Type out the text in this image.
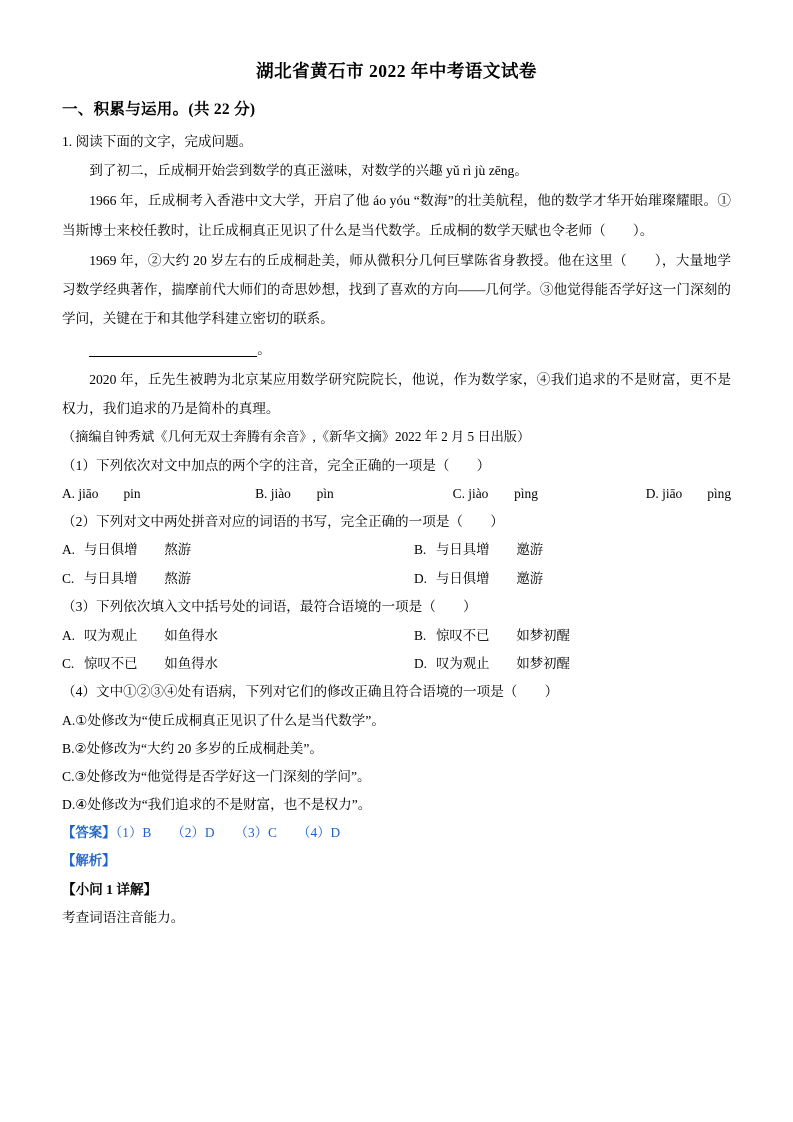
湖北省黄石市 2022 年中考语文试卷

一、积累与运用。(共 22 分)

1. 阅读下面的文字，完成问题。

到了初二，丘成桐开始尝到数学的真正滋味，对数学的兴趣 yǔ rì jù zēng。

1966 年，丘成桐考入香港中文大学，开启了他 áo yóu “数海”的壮美航程，他的数学才华开始璀璨耀眼。①当斯博士来校任教时，让丘成桐真正见识了什么是当代数学。丘成桐的数学天赋也令老师（　　）。

1969 年，②大约 20 岁左右的丘成桐赴美，师从微积分几何巨擘陈省身教授。他在这里（　　），大量地学习数学经典著作，揣摩前代大师们的奇思妙想，找到了喜欢的方向——几何学。③他觉得能否学好这一门深刻的学问，关键在于和其他学科建立密切的联系。

。

2020 年，丘先生被聘为北京某应用数学研究院院长，他说，作为数学家，④我们追求的不是财富，更不是权力，我们追求的乃是简朴的真理。

（摘编自钟秀斌《几何无双士奔腾有余音》,《新华文摘》2022 年 2 月 5 日出版）

（1）下列依次对文中加点的两个字的注音，完全正确的一项是（　　）

A. jiāo	pin	B. jiào	pìn	C. jiào	pìng	D. jiāo	pìng

（2）下列对文中两处拼音对应的词语的书写，完全正确的一项是（　　）

A. 与日俱增　　熬游	B. 与日具增　　邀游
C. 与日具增　　熬游	D. 与日俱增　　邀游

（3）下列依次填入文中括号处的词语，最符合语境的一项是（　　）

A. 叹为观止　　如鱼得水	B. 惊叹不已　　如梦初醒
C. 惊叹不已　　如鱼得水	D. 叹为观止　　如梦初醒

（4）文中①②③④处有语病，下列对它们的修改正确且符合语境的一项是（　　）

A.①处修改为“使丘成桐真正见识了什么是当代数学”。

B.②处修改为“大约 20 多岁的丘成桐赴美”。

C.③处修改为“他觉得是否学好这一门深刻的学问”。

D.④处修改为“我们追求的不是财富，也不是权力”。

【答案】（1）B　　（2）D　　（3）C　　（4）D

【解析】

【小问 1 详解】

考查词语注音能力。
